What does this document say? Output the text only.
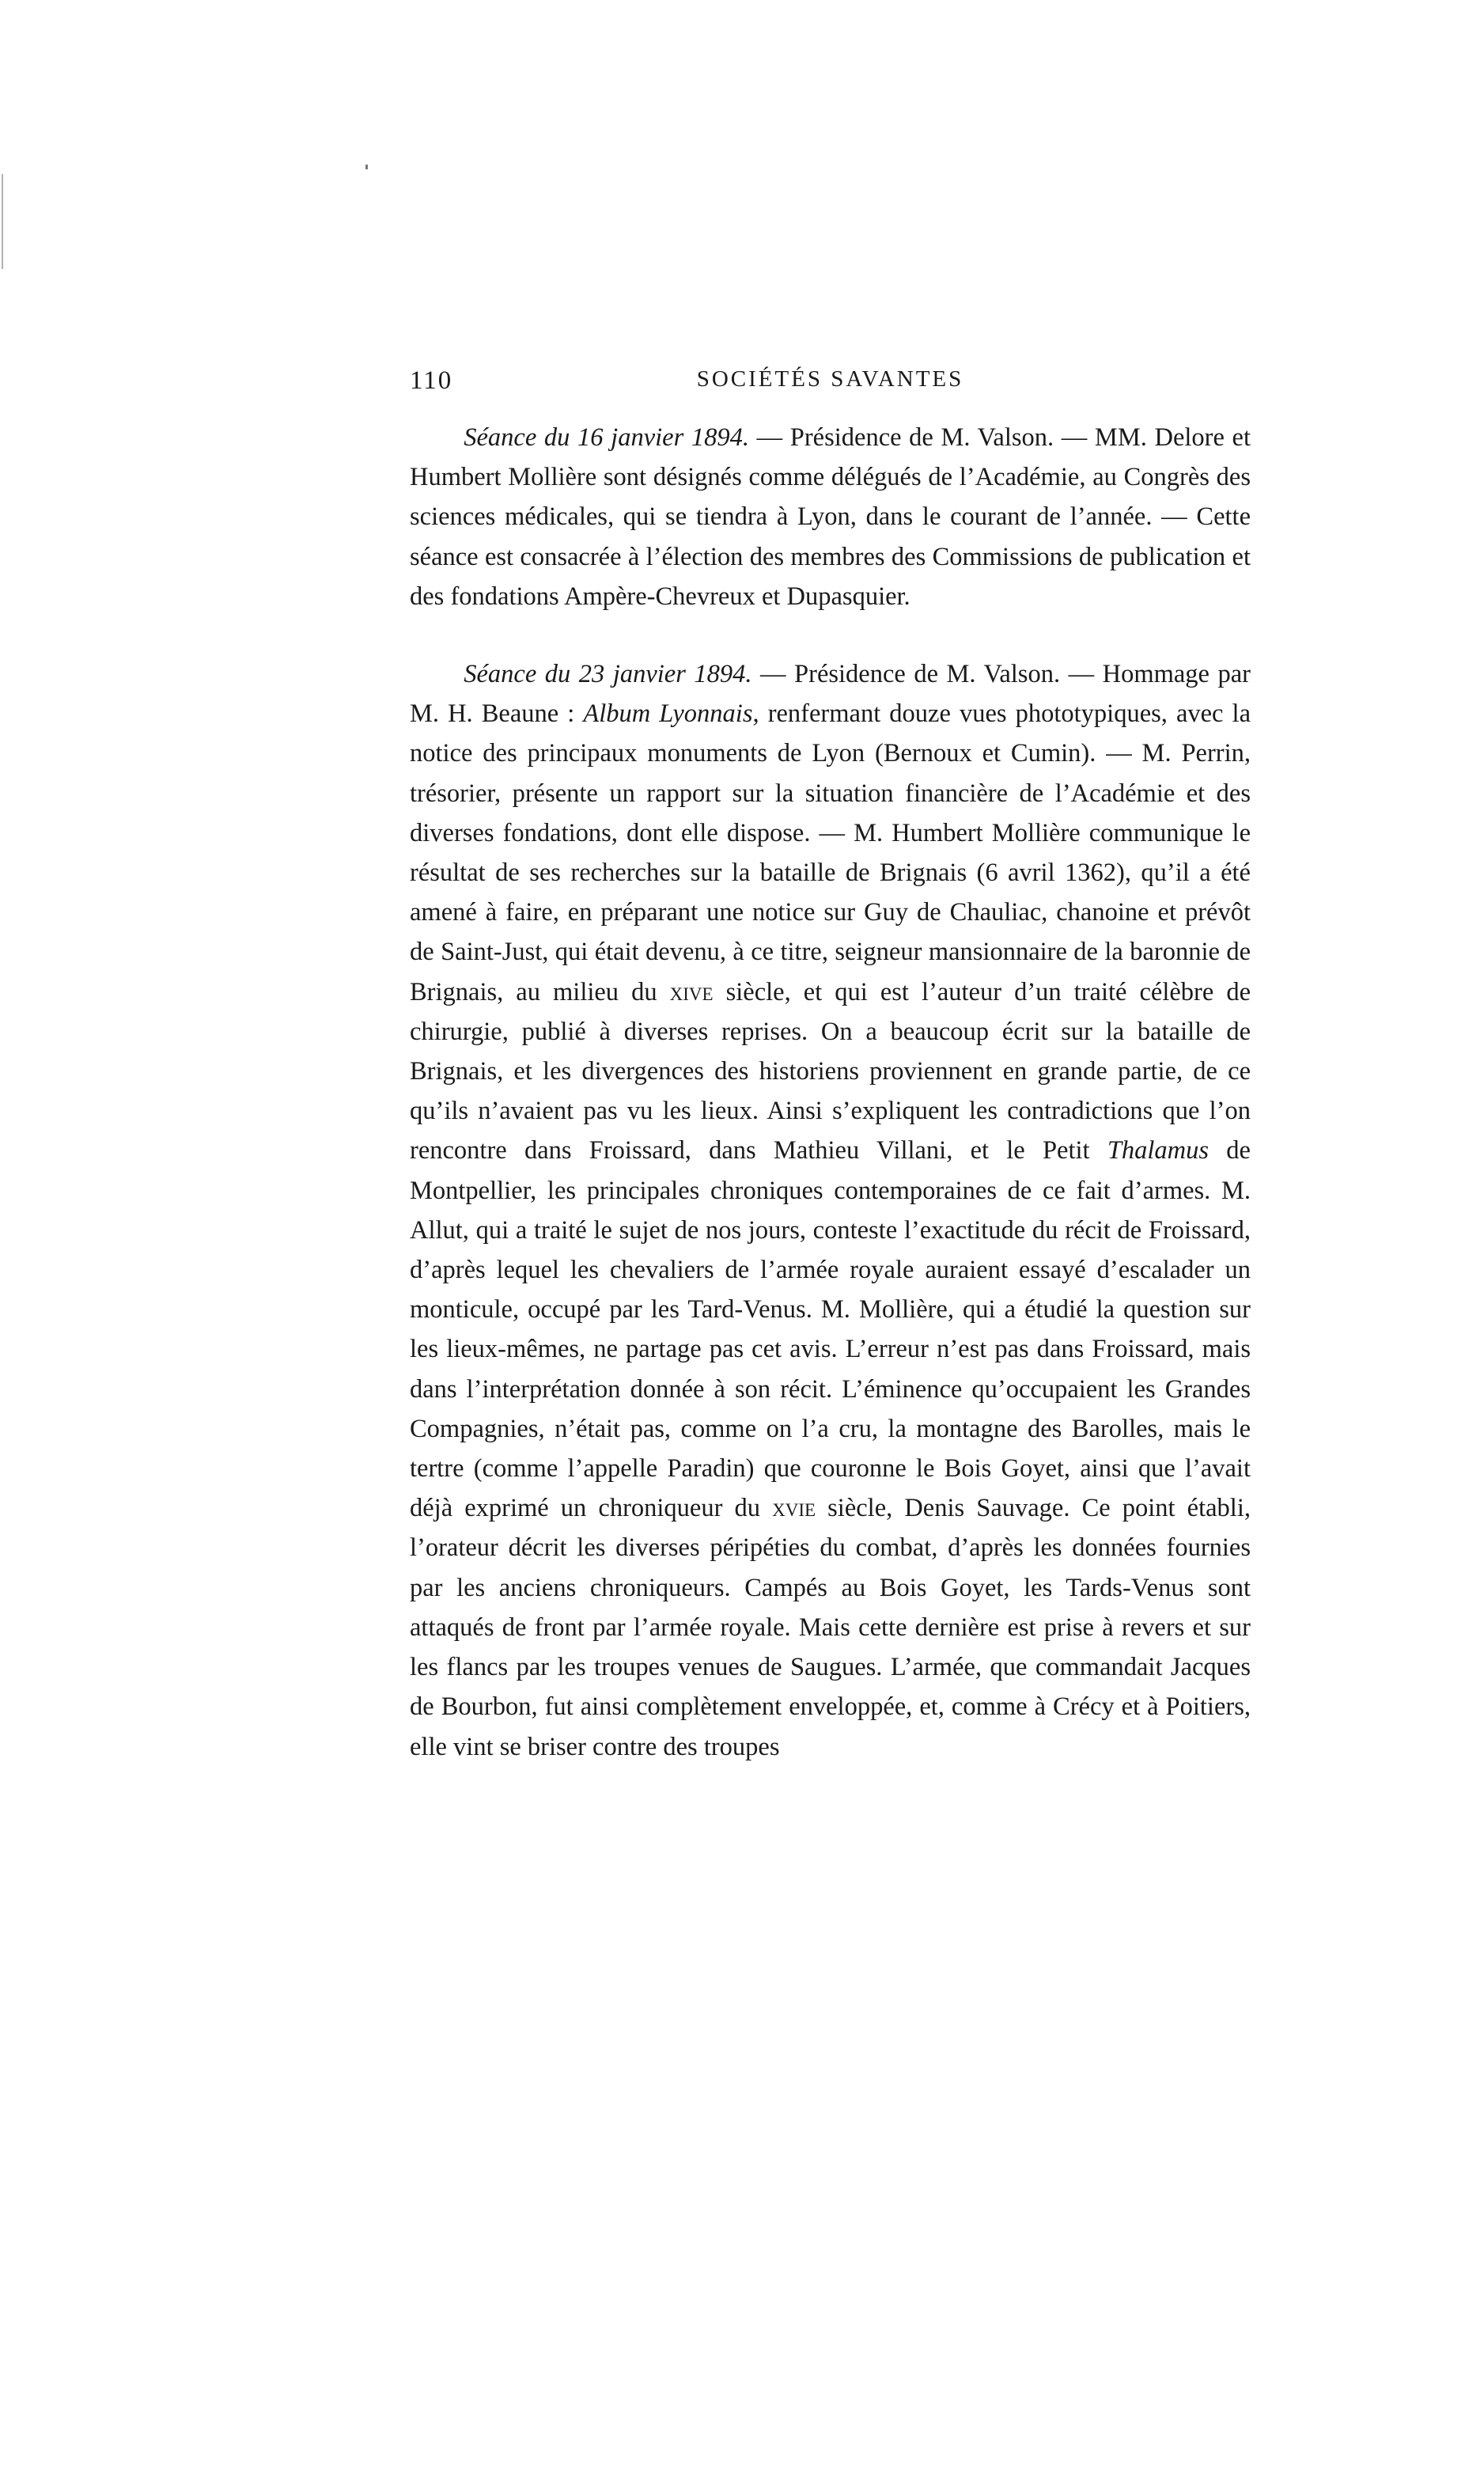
110	SOCIÉTÉS SAVANTES

Séance du 16 janvier 1894. — Présidence de M. Valson. — MM. Delore et Humbert Mollière sont désignés comme délégués de l’Académie, au Congrès des sciences médicales, qui se tiendra à Lyon, dans le courant de l’année. — Cette séance est consacrée à l’élection des membres des Commissions de publication et des fondations Ampère-Chevreux et Dupasquier.

Séance du 23 janvier 1894. — Présidence de M. Valson. — Hommage par M. H. Beaune : Album Lyonnais, renfermant douze vues phototypiques, avec la notice des principaux monuments de Lyon (Bernoux et Cumin). — M. Perrin, trésorier, présente un rapport sur la situation financière de l’Académie et des diverses fondations, dont elle dispose. — M. Humbert Mollière communique le résultat de ses recherches sur la bataille de Brignais (6 avril 1362), qu’il a été amené à faire, en préparant une notice sur Guy de Chauliac, chanoine et prévôt de Saint-Just, qui était devenu, à ce titre, seigneur mansionnaire de la baronnie de Brignais, au milieu du xive siècle, et qui est l’auteur d’un traité célèbre de chirurgie, publié à diverses reprises. On a beaucoup écrit sur la bataille de Brignais, et les divergences des historiens proviennent en grande partie, de ce qu’ils n’avaient pas vu les lieux. Ainsi s’expliquent les contradictions que l’on rencontre dans Froissard, dans Mathieu Villani, et le Petit Thalamus de Montpellier, les principales chroniques contemporaines de ce fait d’armes. M. Allut, qui a traité le sujet de nos jours, conteste l’exactitude du récit de Froissard, d’après lequel les chevaliers de l’armée royale auraient essayé d’escalader un monticule, occupé par les Tard-Venus. M. Mollière, qui a étudié la question sur les lieux-mêmes, ne partage pas cet avis. L’erreur n’est pas dans Froissard, mais dans l’interprétation donnée à son récit. L’éminence qu’occupaient les Grandes Compagnies, n’était pas, comme on l’a cru, la montagne des Barolles, mais le tertre (comme l’appelle Paradin) que couronne le Bois Goyet, ainsi que l’avait déjà exprimé un chroniqueur du xvie siècle, Denis Sauvage. Ce point établi, l’orateur décrit les diverses péripéties du combat, d’après les données fournies par les anciens chroniqueurs. Campés au Bois Goyet, les Tards-Venus sont attaqués de front par l’armée royale. Mais cette dernière est prise à revers et sur les flancs par les troupes venues de Saugues. L’armée, que commandait Jacques de Bourbon, fut ainsi complètement enveloppée, et, comme à Crécy et à Poitiers, elle vint se briser contre des troupes
